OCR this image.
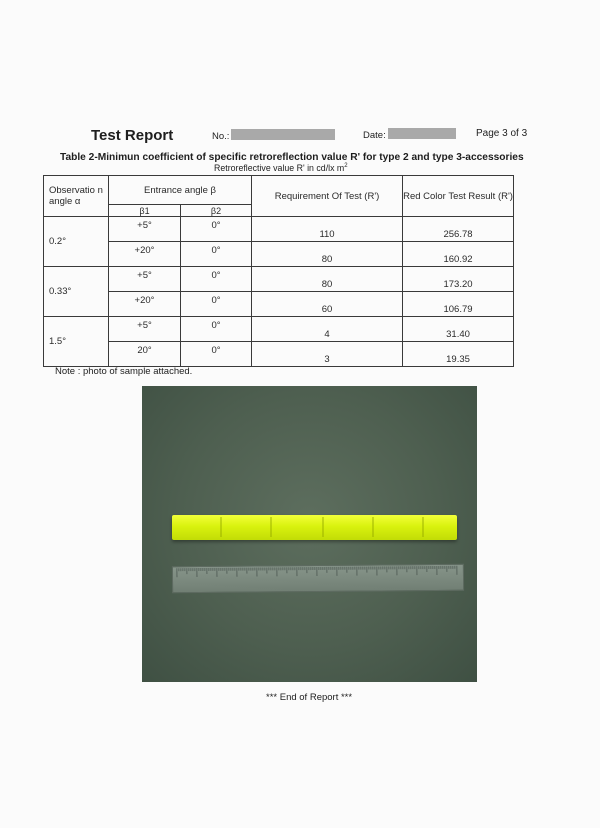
Test Report	No.:	Date:	Page 3 of 3
Table 2-Minimun coefficient of specific retroreflection value R' for type 2 and type 3-accessories
Retroreflective value R' in cd/lx $m^2$
Observatio n angle α	Entrance angle β		Requirement Of Test (R')	Red Color Test Result (R')
	β1	β2		
0.2°	+5°	0°	110	256.78
	+20°	0°	80	160.92
0.33°	+5°	0°	80	173.20
	+20°	0°	60	106.79
1.5°	+5°	0°	4	31.40
	20°	0°	3	19.35
Note : photo of sample attached.
*** End of Report ***
